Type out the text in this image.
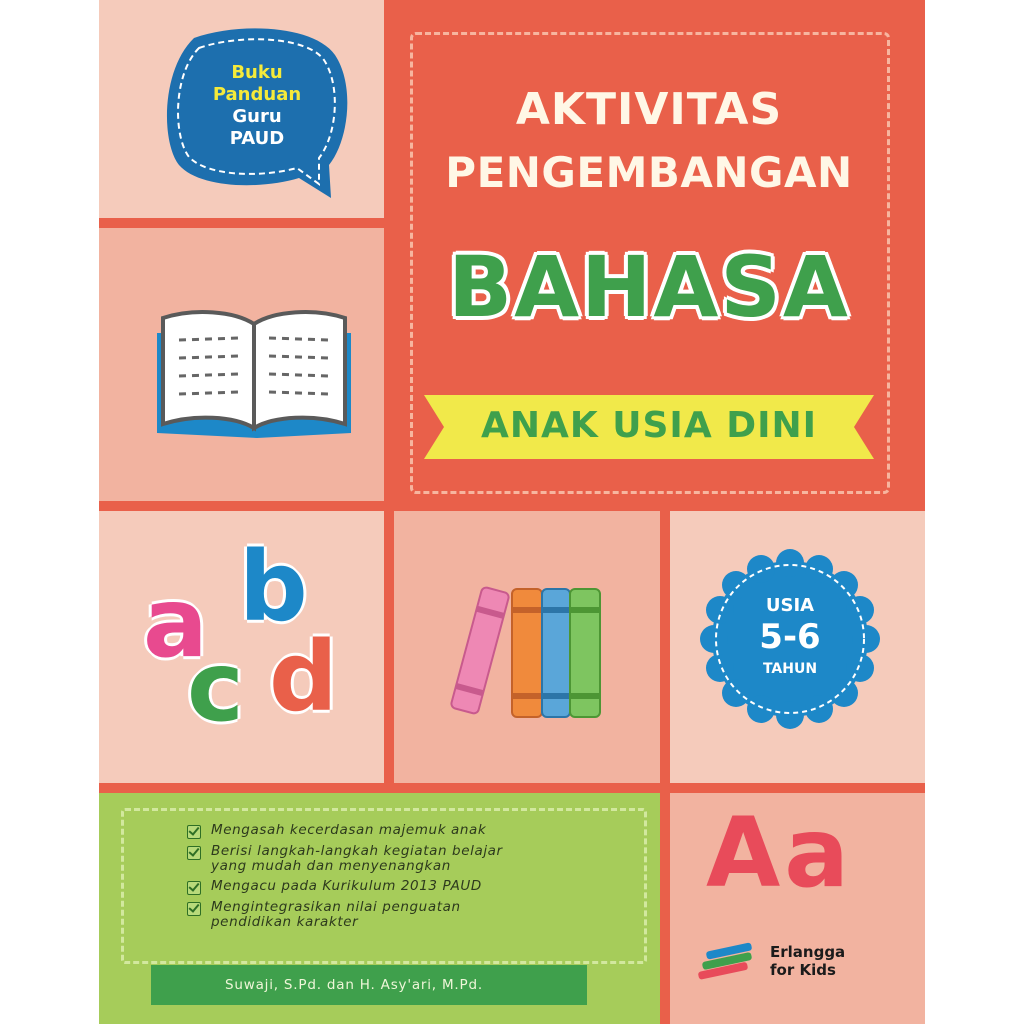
Buku
Panduan
Guru
PAUD
AKTIVITAS
PENGEMBANGAN
BAHASA
ANAK USIA DINI
a b
c d
USIA
5-6
TAHUN
Mengasah kecerdasan majemuk anak
Berisi langkah-langkah kegiatan belajar yang mudah dan menyenangkan
Mengacu pada Kurikulum 2013 PAUD
Mengintegrasikan nilai penguatan pendidikan karakter
Suwaji, S.Pd. dan H. Asy'ari, M.Pd.
Aa
Erlangga
for Kids
